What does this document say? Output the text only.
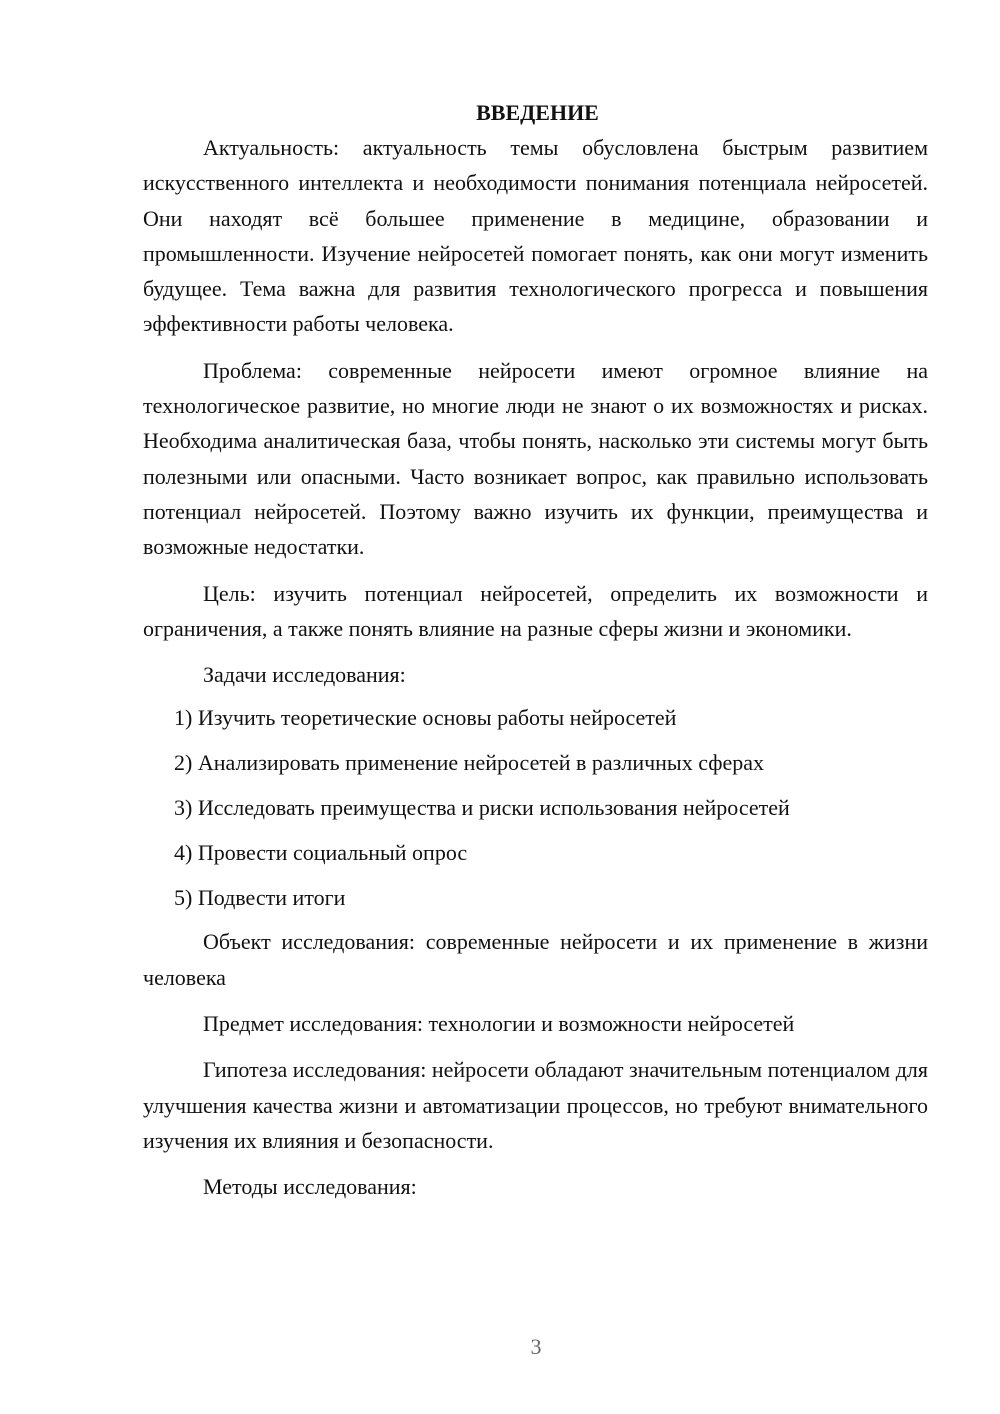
ВВЕДЕНИЕ

Актуальность: актуальность темы обусловлена быстрым развитием искусственного интеллекта и необходимости понимания потенциала нейросетей. Они находят всё большее применение в медицине, образовании и промышленности. Изучение нейросетей помогает понять, как они могут изменить будущее. Тема важна для развития технологического прогресса и повышения эффективности работы человека.

Проблема: современные нейросети имеют огромное влияние на технологическое развитие, но многие люди не знают о их возможностях и рисках. Необходима аналитическая база, чтобы понять, насколько эти системы могут быть полезными или опасными. Часто возникает вопрос, как правильно использовать потенциал нейросетей. Поэтому важно изучить их функции, преимущества и возможные недостатки.

Цель: изучить потенциал нейросетей, определить их возможности и ограничения, а также понять влияние на разные сферы жизни и экономики.

Задачи исследования:

1) Изучить теоретические основы работы нейросетей
2) Анализировать применение нейросетей в различных сферах
3) Исследовать преимущества и риски использования нейросетей
4) Провести социальный опрос
5) Подвести итоги

Объект исследования: современные нейросети и их применение в жизни человека

Предмет исследования: технологии и возможности нейросетей

Гипотеза исследования: нейросети обладают значительным потенциалом для улучшения качества жизни и автоматизации процессов, но требуют внимательного изучения их влияния и безопасности.

Методы исследования:

3
